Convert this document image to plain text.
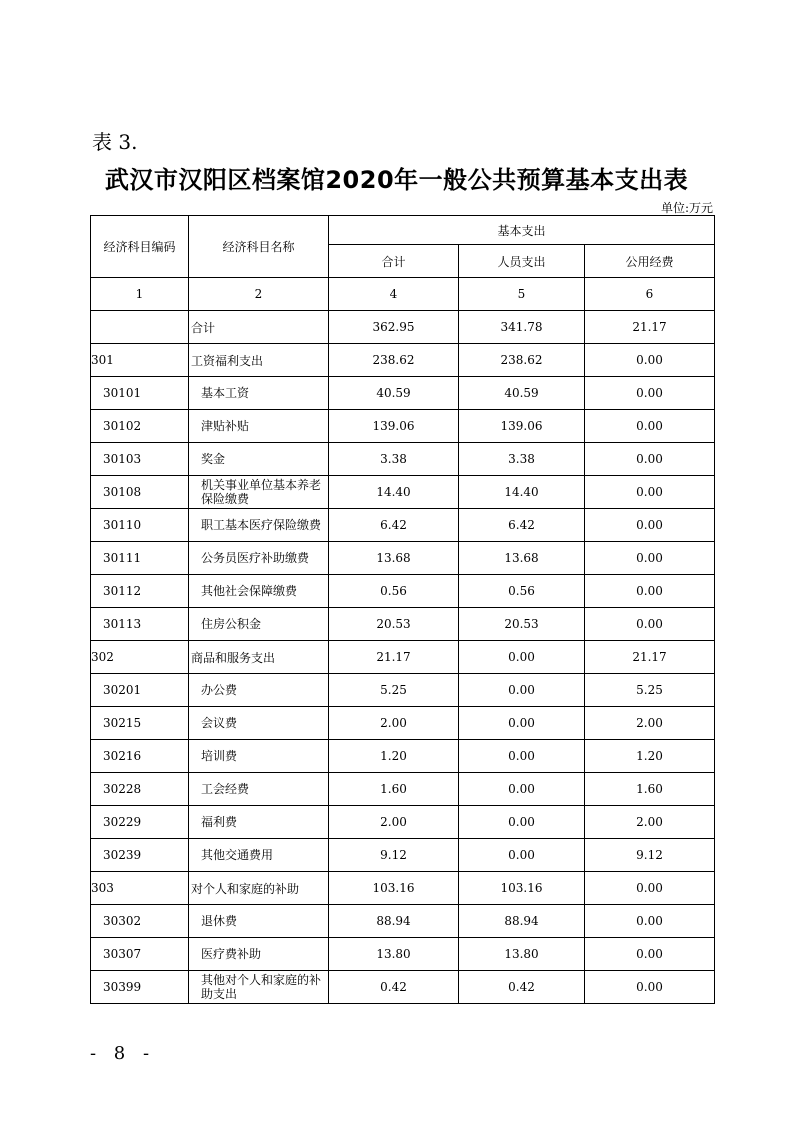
表 3.
武汉市汉阳区档案馆2020年一般公共预算基本支出表
单位:万元
经济科目编码	经济科目名称	基本支出		
		合计	人员支出	公用经费
1	2	4	5	6
	合计	362.95	341.78	21.17
301	工资福利支出	238.62	238.62	0.00
30101	基本工资	40.59	40.59	0.00
30102	津贴补贴	139.06	139.06	0.00
30103	奖金	3.38	3.38	0.00
30108	机关事业单位基本养老保险缴费	14.40	14.40	0.00
30110	职工基本医疗保险缴费	6.42	6.42	0.00
30111	公务员医疗补助缴费	13.68	13.68	0.00
30112	其他社会保障缴费	0.56	0.56	0.00
30113	住房公积金	20.53	20.53	0.00
302	商品和服务支出	21.17	0.00	21.17
30201	办公费	5.25	0.00	5.25
30215	会议费	2.00	0.00	2.00
30216	培训费	1.20	0.00	1.20
30228	工会经费	1.60	0.00	1.60
30229	福利费	2.00	0.00	2.00
30239	其他交通费用	9.12	0.00	9.12
303	对个人和家庭的补助	103.16	103.16	0.00
30302	退休费	88.94	88.94	0.00
30307	医疗费补助	13.80	13.80	0.00
30399	其他对个人和家庭的补助支出	0.42	0.42	0.00
- 8 -
